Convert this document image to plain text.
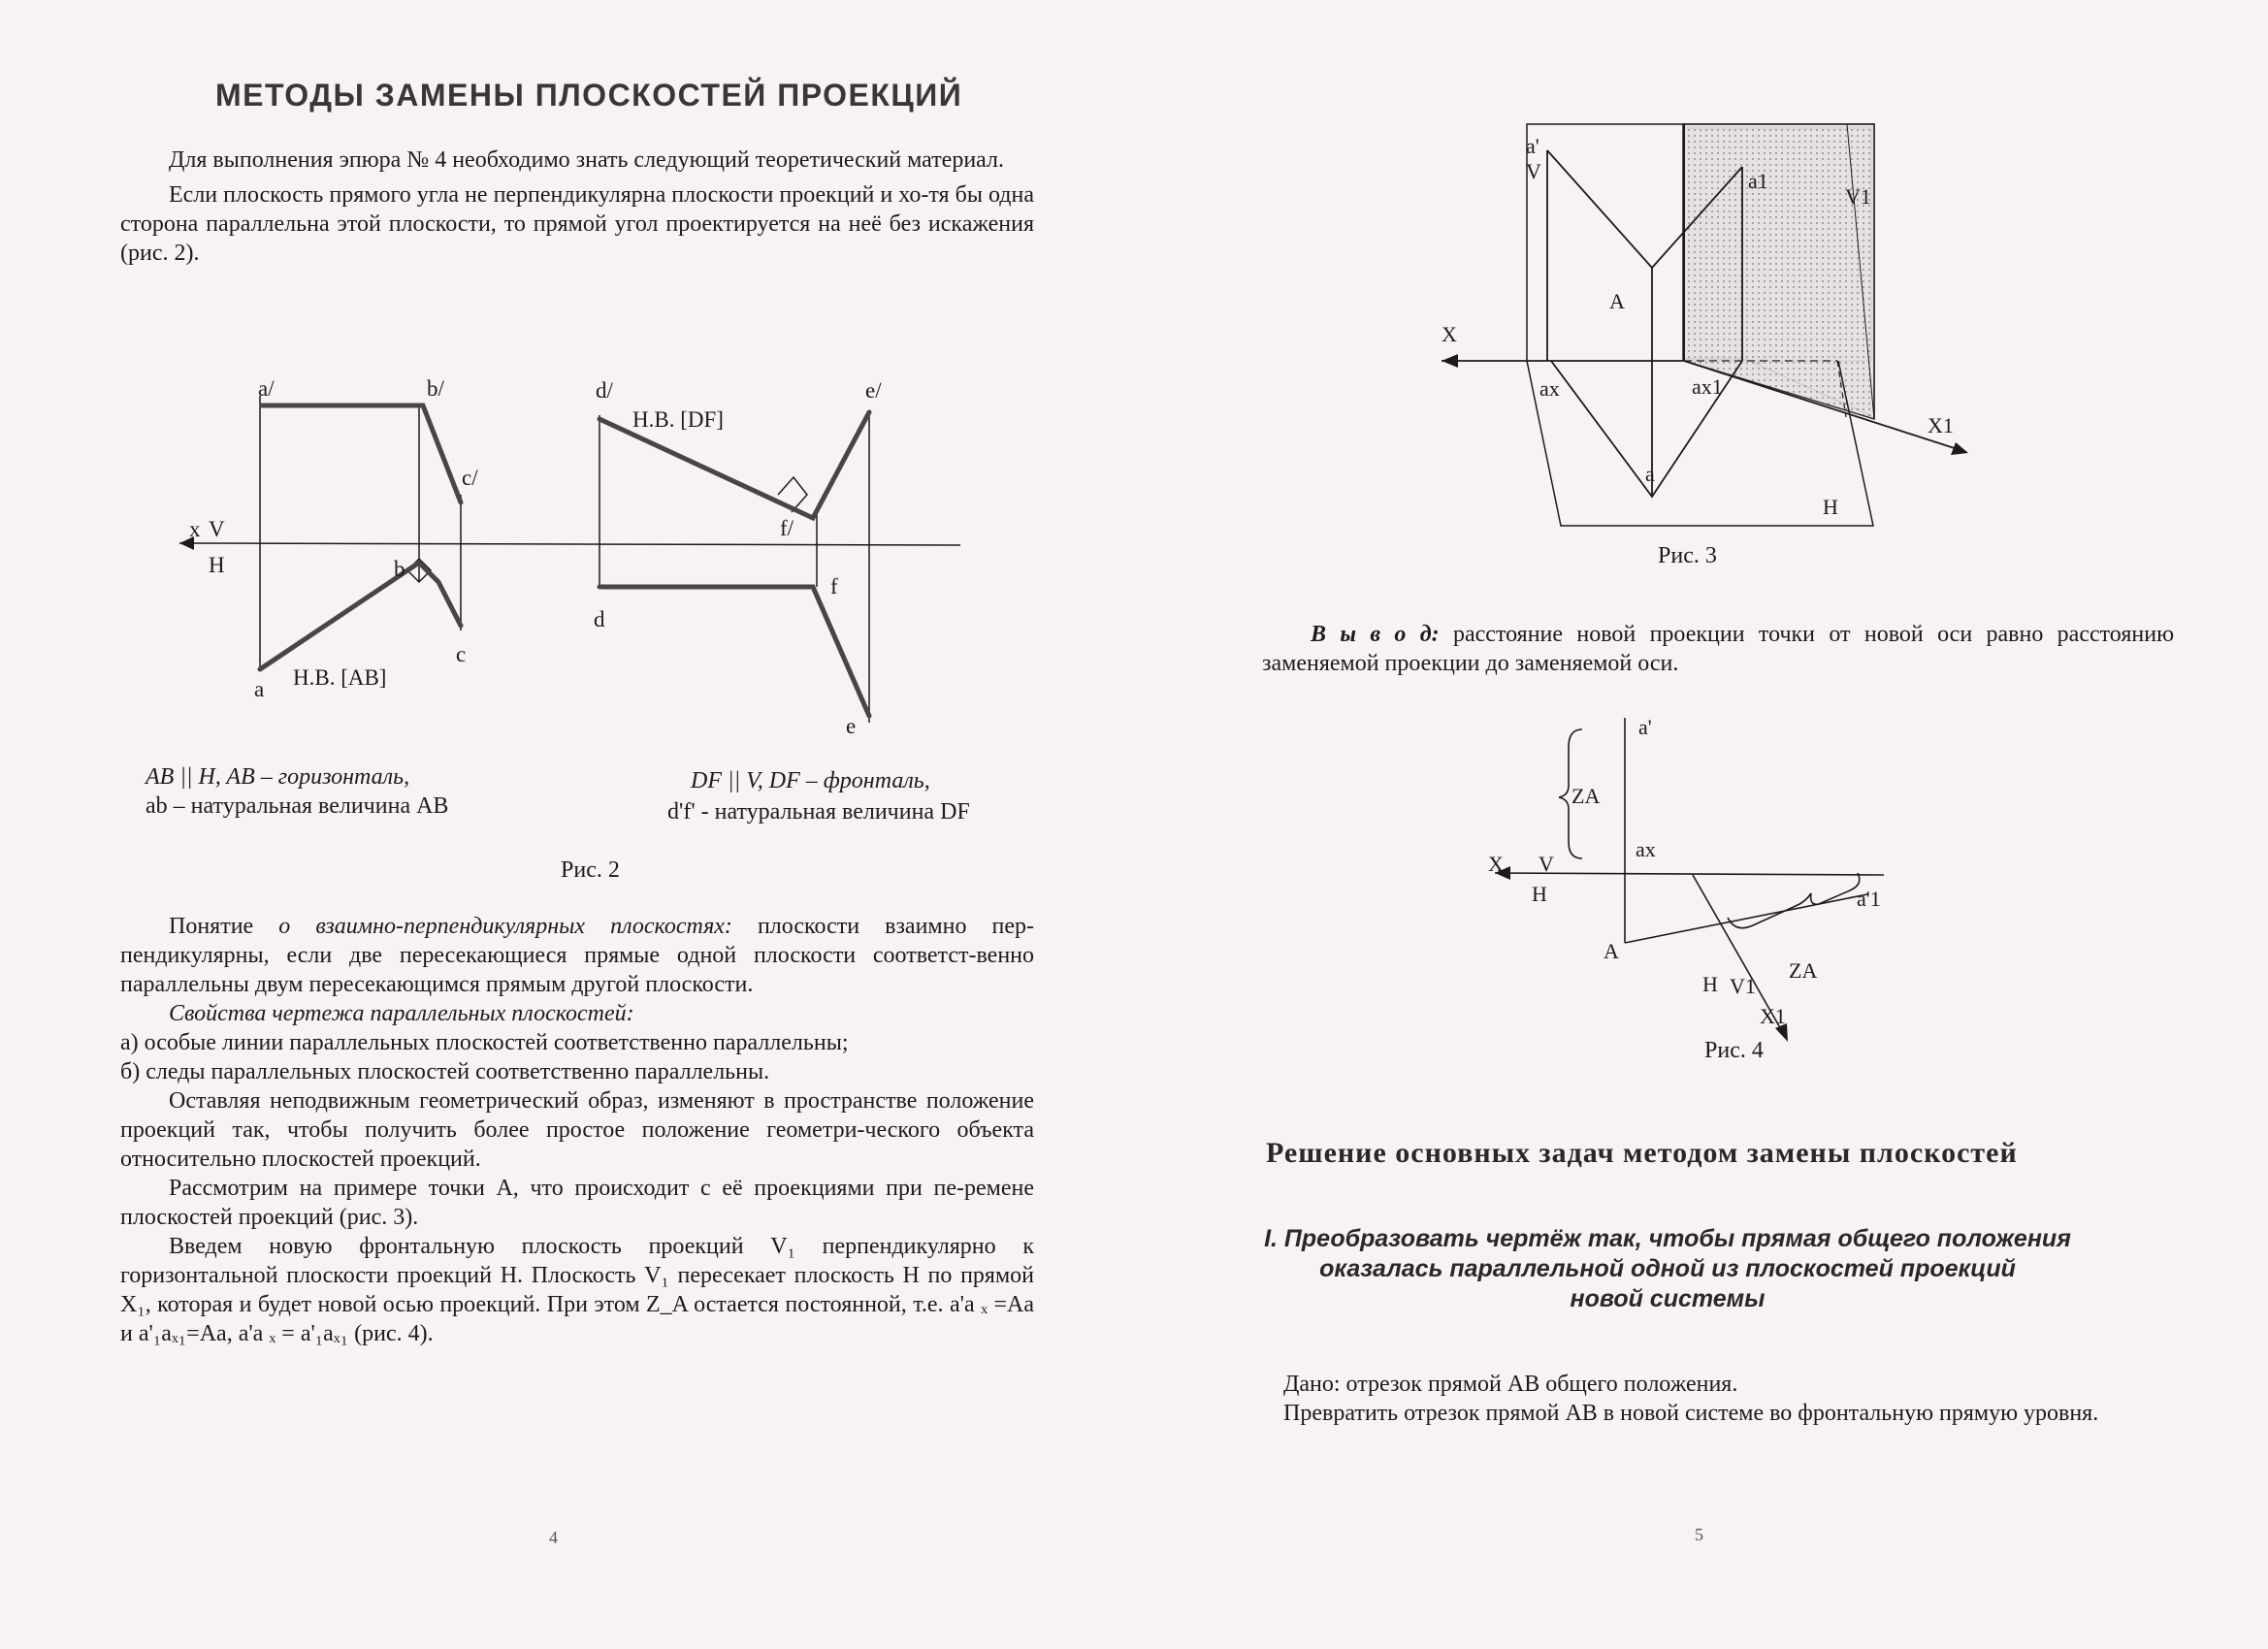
МЕТОДЫ ЗАМЕНЫ ПЛОСКОСТЕЙ ПРОЕКЦИЙ

Для выполнения эпюра № 4 необходимо знать следующий теоретический материал.

Если плоскость прямого угла не перпендикулярна плоскости проекций и хо-тя бы одна сторона параллельна этой плоскости, то прямой угол проектируется на неё без искажения (рис. 2).

a/	b/
c/
x V
H	b
c
a Н.В. [AB]
d/	e/
Н.В. [DF]
f/
f
d
e
AB || H, AB – горизонталь,
ab – натуральная величина AB
DF || V, DF – фронталь,
d'f' - натуральная величина DF
Рис. 2

Понятие о взаимно-перпендикулярных плоскостях: плоскости взаимно пер-пендикулярны, если две пересекающиеся прямые одной плоскости соответст-венно параллельны двум пересекающимся прямым другой плоскости.

Свойства чертежа параллельных плоскостей:

а) особые линии параллельных плоскостей соответственно параллельны;

б) следы параллельных плоскостей соответственно параллельны.

Оставляя неподвижным геометрический образ, изменяют в пространстве положение проекций так, чтобы получить более простое положение геометри-ческого объекта относительно плоскостей проекций.

Рассмотрим на примере точки A, что происходит с её проекциями при пе-ремене плоскостей проекций (рис. 3).

Введем новую фронтальную плоскость проекций V₁ перпендикулярно к горизонтальной плоскости проекций H. Плоскость V₁ пересекает плоскость H по прямой X₁, которая и будет новой осью проекций. При этом Z_A остается постоянной, т.е. a'a ₓ =Aa и a'₁aₓ₁=Aa, a'a ₓ = a'₁aₓ₁ (рис. 4).

4
a'
V	a1
V1
A
X
ax	ax1
X1
a
H
Рис. 3

В ы в о д: расстояние новой проекции точки от новой оси равно расстоянию заменяемой проекции до заменяемой оси.

a'
ZA
ax
X V
H	a'1
A
H V1
X1
ZA
Рис. 4
Решение основных задач методом замены плоскостей
I. Преобразовать чертёж так, чтобы прямая общего положения
оказалась параллельной одной из плоскостей проекций
новой системы

Дано: отрезок прямой AB общего положения.

Превратить отрезок прямой AB в новой системе во фронтальную прямую уровня.

5
